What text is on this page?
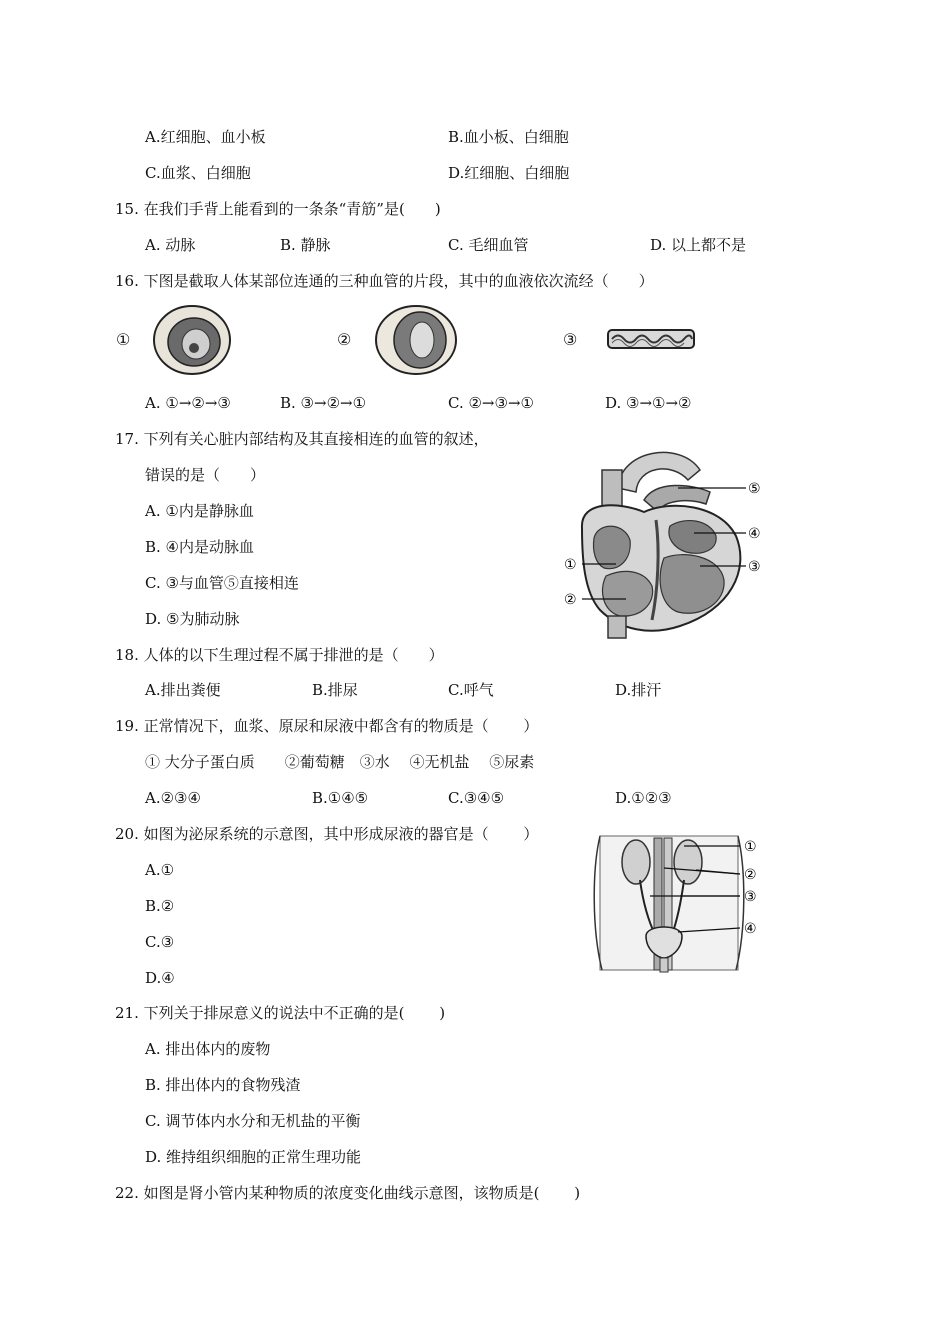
A.红细胞、血小板	B.血小板、白细胞
C.血浆、白细胞	D.红细胞、白细胞
15. 在我们手背上能看到的一条条“青筋”是(　　)
A. 动脉	B. 静脉	C. 毛细血管	D. 以上都不是
16. 下图是截取人体某部位连通的三种血管的片段，其中的血液依次流经（　　）
①	②	③
A. ①→②→③	B. ③→②→①	C. ②→③→①	D. ③→①→②
17. 下列有关心脏内部结构及其直接相连的血管的叙述，
错误的是（　　）
A. ①内是静脉血
B. ④内是动脉血
C. ③与血管⑤直接相连
D. ⑤为肺动脉
⑤
④
③
①
②
18. 人体的以下生理过程不属于排泄的是（　　）
A.排出粪便	B.排尿	C.呼气	D.排汗
19. 正常情况下，血浆、原尿和尿液中都含有的物质是（　　 ）
① 大分子蛋白质　　②葡萄糖　③水　 ④无机盐　 ⑤尿素
A.②③④	B.①④⑤	C.③④⑤	D.①②③
20. 如图为泌尿系统的示意图，其中形成尿液的器官是（　　 ）
A.①
B.②
C.③
D.④
①
②
③
④
21. 下列关于排尿意义的说法中不正确的是(　　 )
A. 排出体内的废物
B. 排出体内的食物残渣
C. 调节体内水分和无机盐的平衡
D. 维持组织细胞的正常生理功能
22. 如图是肾小管内某种物质的浓度变化曲线示意图，该物质是(　　 )
